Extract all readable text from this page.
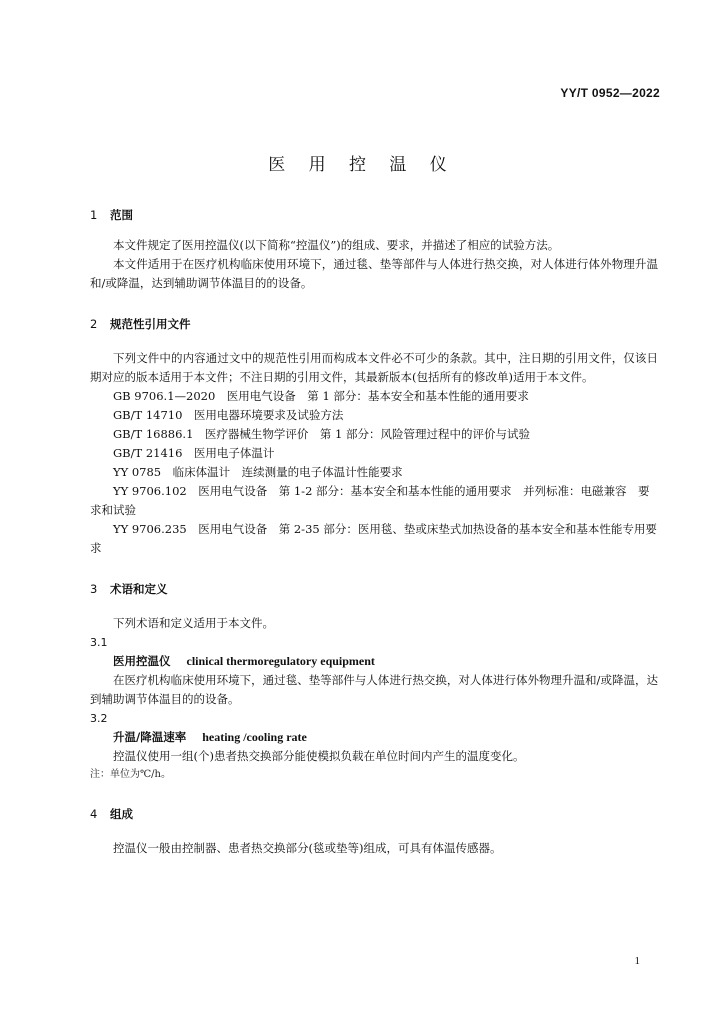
YY/T 0952—2022
医 用 控 温 仪
1 范围

本文件规定了医用控温仪(以下简称“控温仪”)的组成、要求，并描述了相应的试验方法。

本文件适用于在医疗机构临床使用环境下，通过毯、垫等部件与人体进行热交换，对人体进行体外物理升温和/或降温，达到辅助调节体温目的的设备。

2 规范性引用文件

下列文件中的内容通过文中的规范性引用而构成本文件必不可少的条款。其中，注日期的引用文件，仅该日期对应的版本适用于本文件；不注日期的引用文件，其最新版本(包括所有的修改单)适用于本文件。

GB 9706.1—2020　医用电气设备　第 1 部分：基本安全和基本性能的通用要求

GB/T 14710　医用电器环境要求及试验方法

GB/T 16886.1　医疗器械生物学评价　第 1 部分：风险管理过程中的评价与试验

GB/T 21416　医用电子体温计

YY 0785　临床体温计　连续测量的电子体温计性能要求

YY 9706.102　医用电气设备　第 1-2 部分：基本安全和基本性能的通用要求　并列标准：电磁兼容　要求和试验

YY 9706.235　医用电气设备　第 2-35 部分：医用毯、垫或床垫式加热设备的基本安全和基本性能专用要求

3 术语和定义

下列术语和定义适用于本文件。

3.1

医用控温仪 clinical thermoregulatory equipment

在医疗机构临床使用环境下，通过毯、垫等部件与人体进行热交换，对人体进行体外物理升温和/或降温，达到辅助调节体温目的的设备。

3.2

升温/降温速率 heating /cooling rate

控温仪使用一组(个)患者热交换部分能使模拟负载在单位时间内产生的温度变化。

注：单位为℃/h。

4 组成

控温仪一般由控制器、患者热交换部分(毯或垫等)组成，可具有体温传感器。

1
